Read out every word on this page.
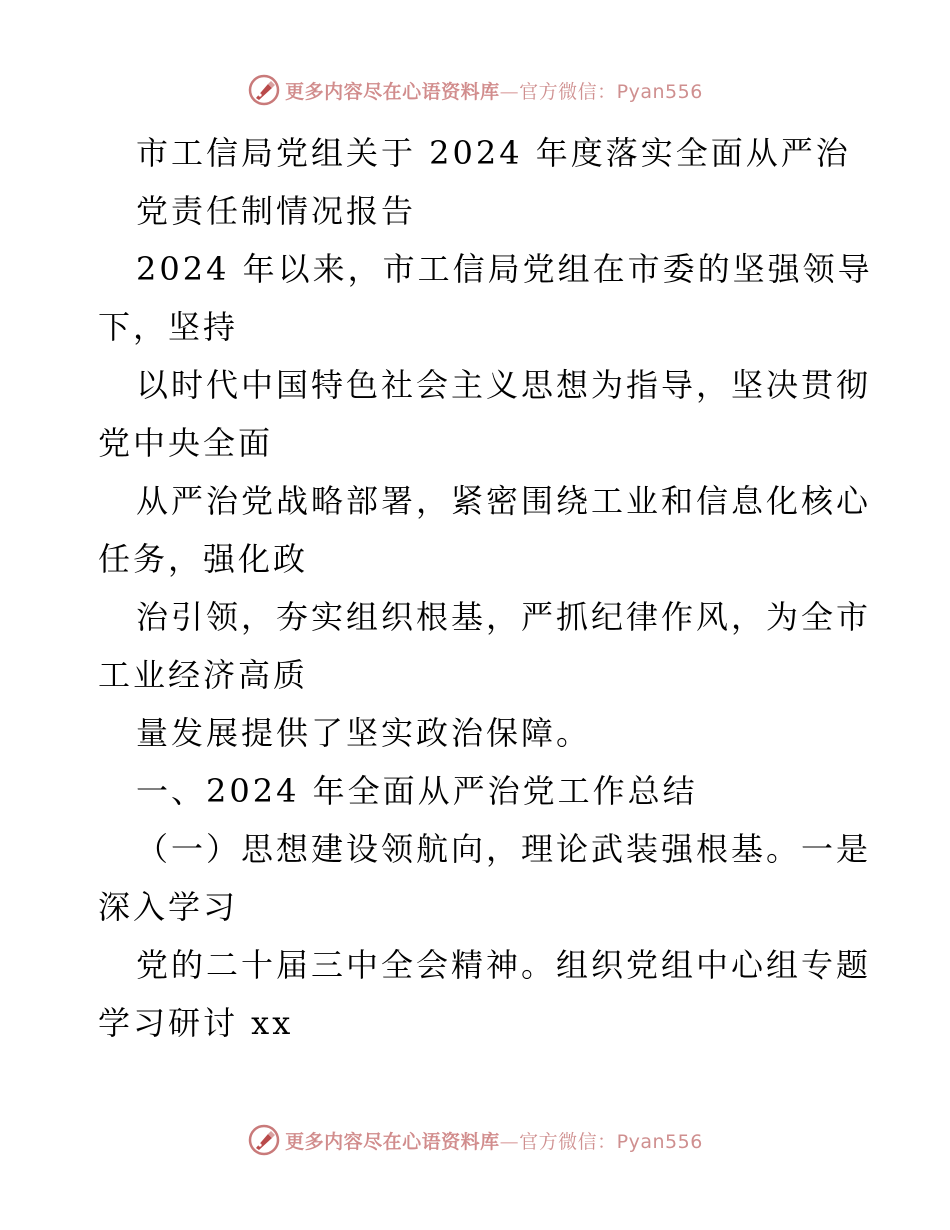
更多内容尽在心语资料库—官方微信：Pyan556
市工信局党组关于 2024 年度落实全面从严治
党责任制情况报告
2024 年以来，市工信局党组在市委的坚强领导
下，坚持
以时代中国特色社会主义思想为指导，坚决贯彻
党中央全面
从严治党战略部署，紧密围绕工业和信息化核心
任务，强化政
治引领，夯实组织根基，严抓纪律作风，为全市
工业经济高质
量发展提供了坚实政治保障。
一、2024 年全面从严治党工作总结
（一）思想建设领航向，理论武装强根基。一是
深入学习
党的二十届三中全会精神。组织党组中心组专题
学习研讨 xx
更多内容尽在心语资料库—官方微信：Pyan556
